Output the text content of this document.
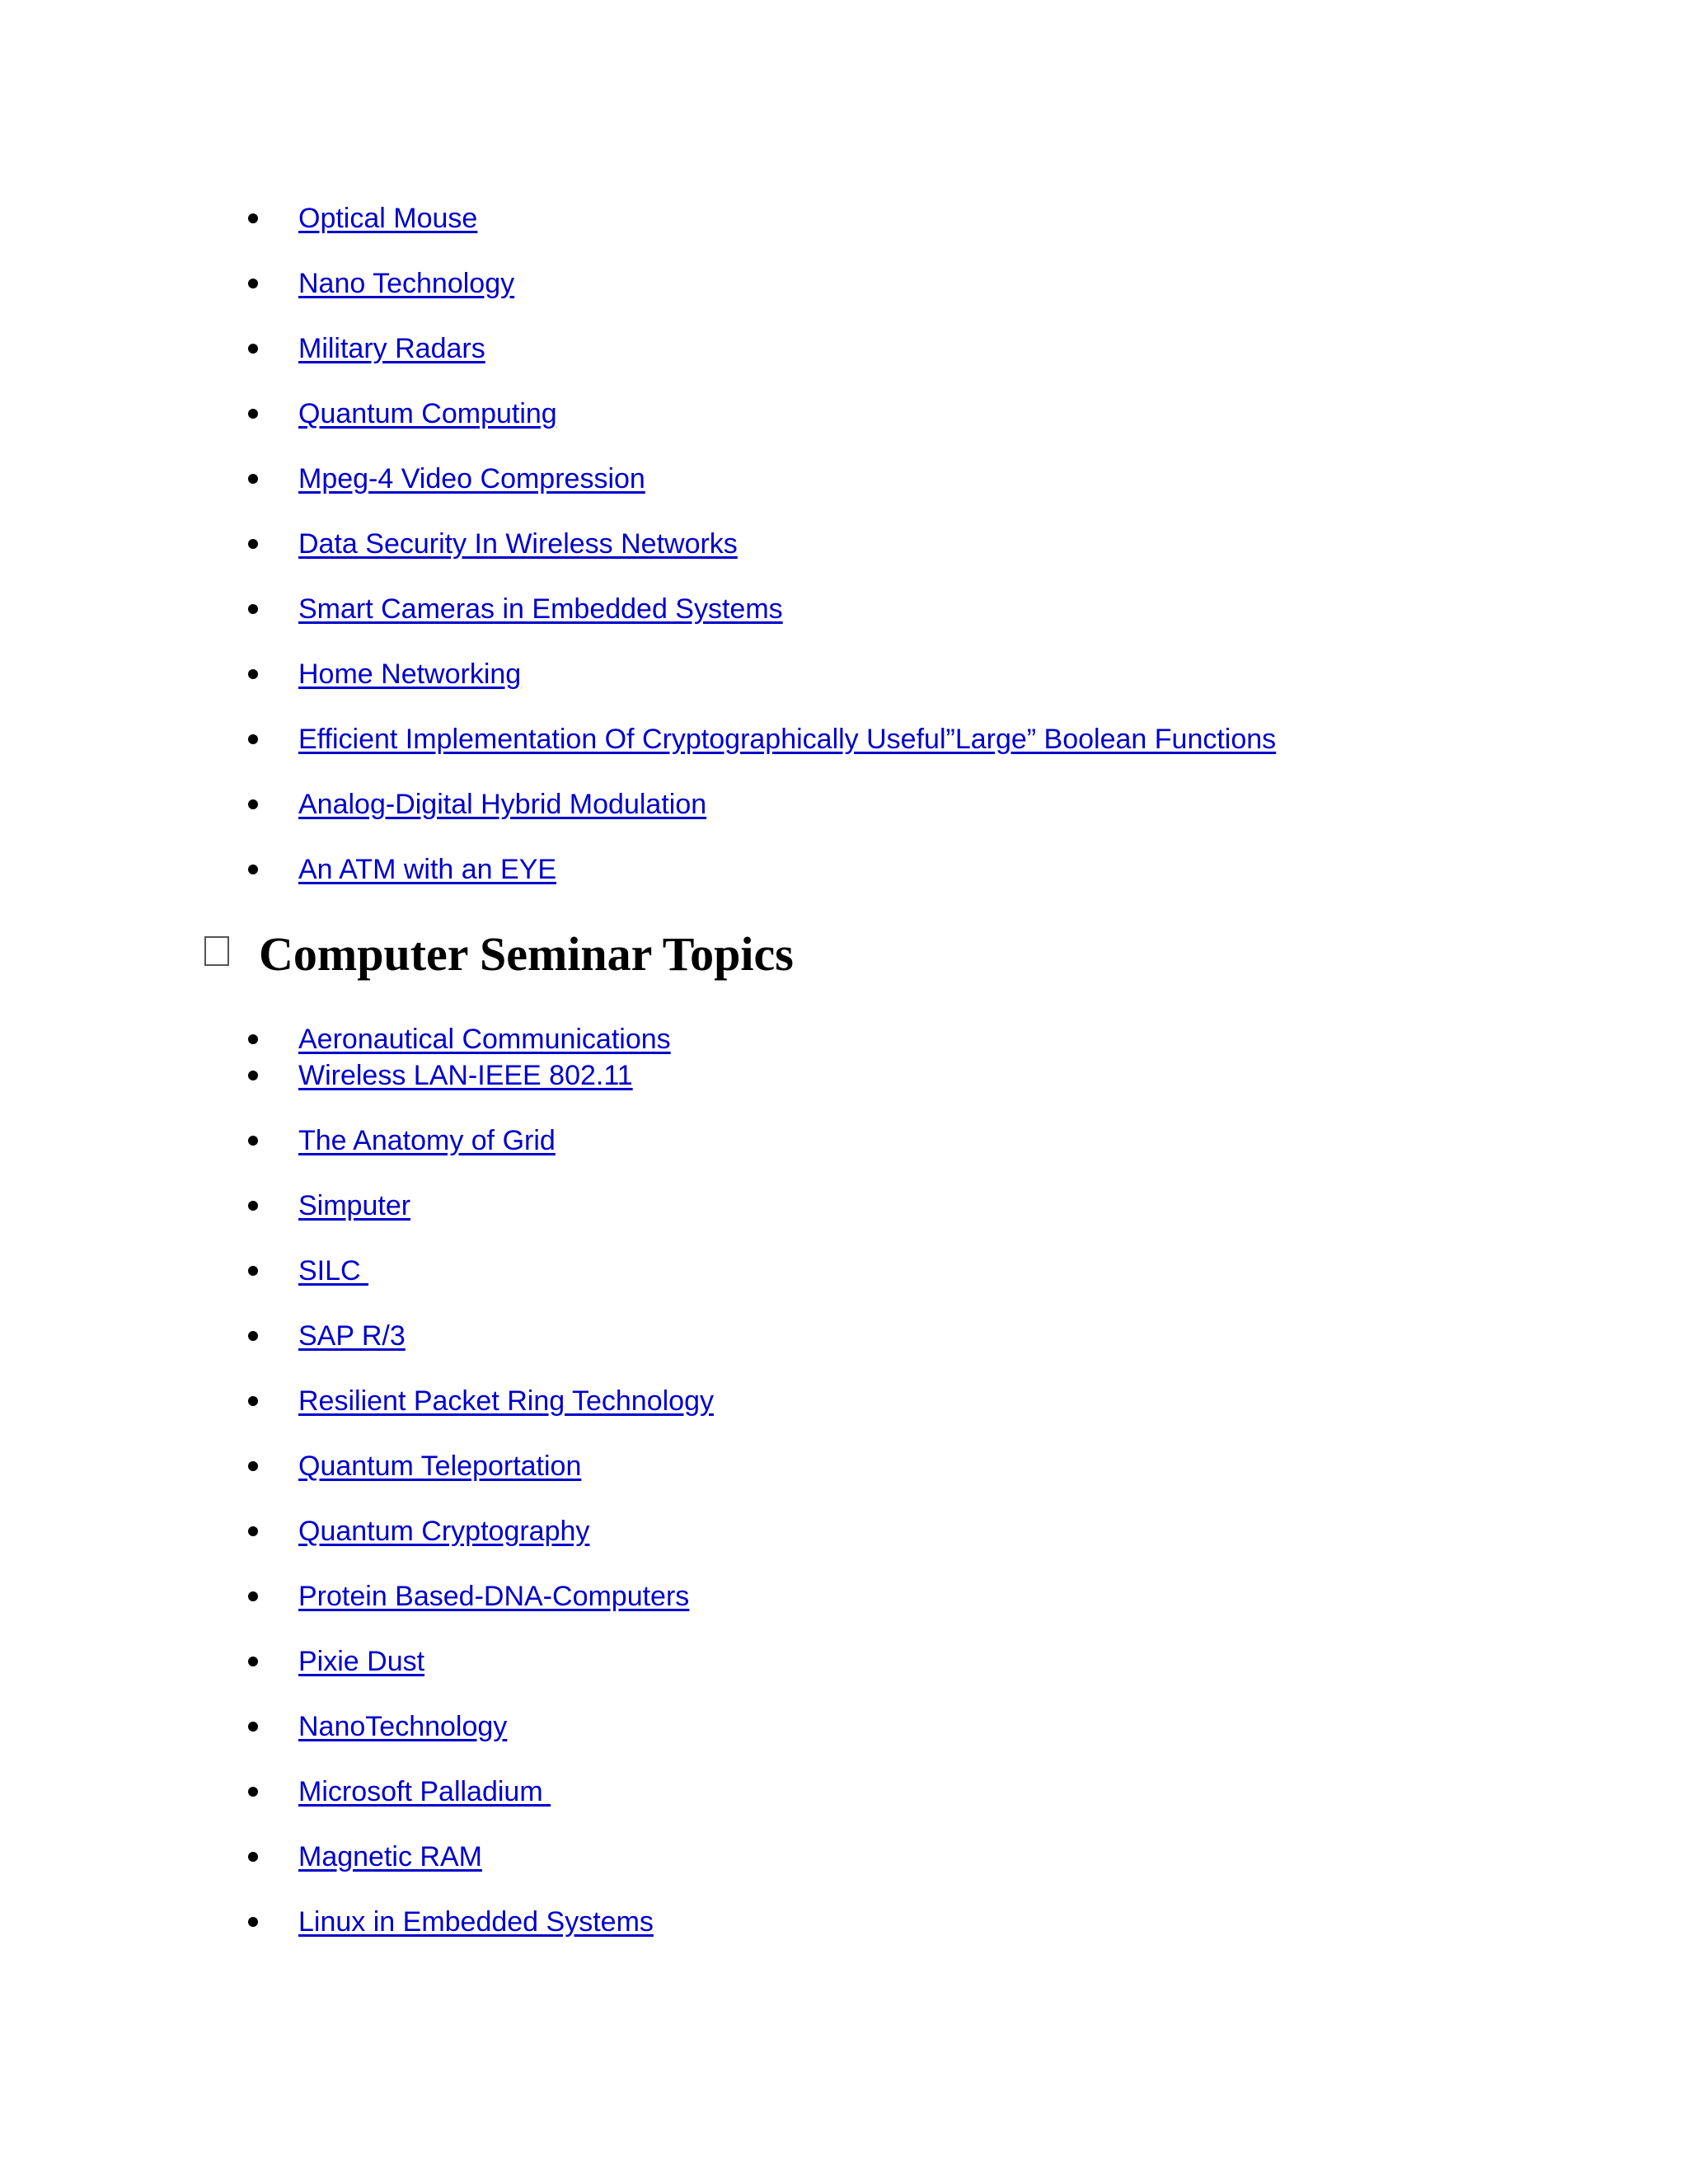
Optical Mouse
Nano Technology
Military Radars
Quantum Computing
Mpeg-4 Video Compression
Data Security In Wireless Networks
Smart Cameras in Embedded Systems
Home Networking
Efficient Implementation Of Cryptographically Useful”Large” Boolean Functions
Analog-Digital Hybrid Modulation
An ATM with an EYE
Computer Seminar Topics
Aeronautical Communications
Wireless LAN-IEEE 802.11
The Anatomy of Grid
Simputer
SILC
SAP R/3
Resilient Packet Ring Technology
Quantum Teleportation
Quantum Cryptography
Protein Based-DNA-Computers
Pixie Dust
NanoTechnology
Microsoft Palladium
Magnetic RAM
Linux in Embedded Systems
